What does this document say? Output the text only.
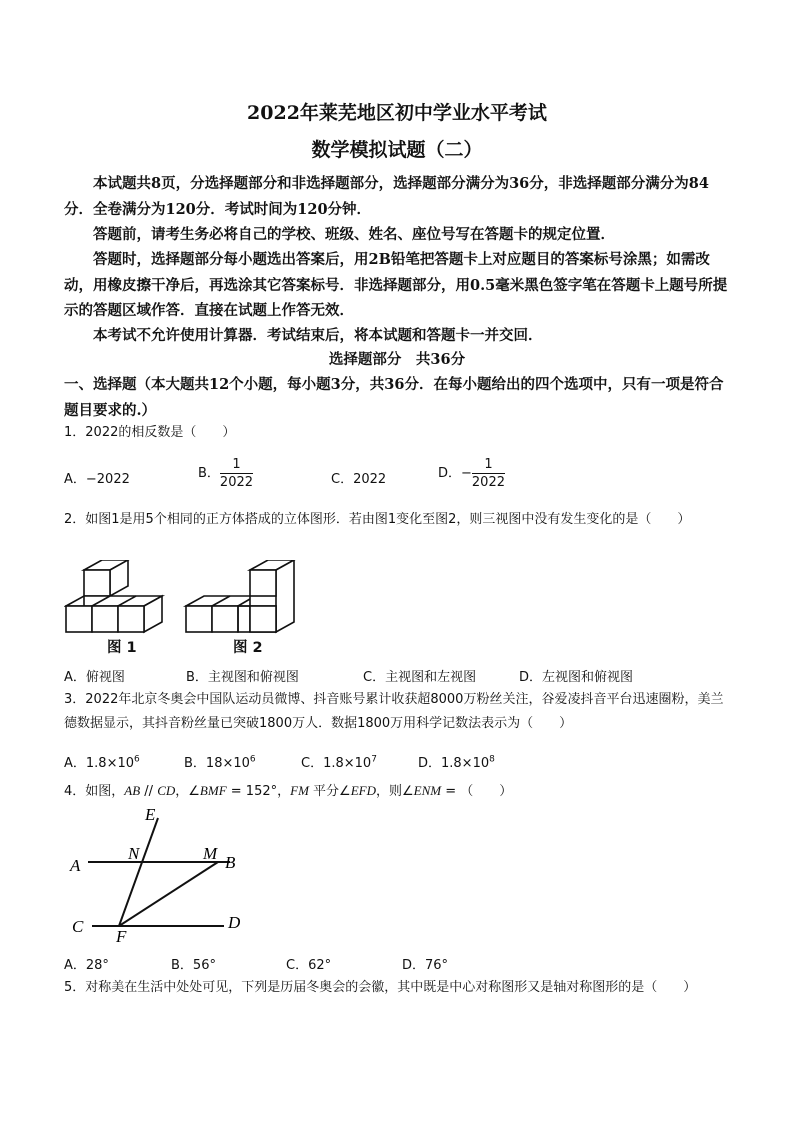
2022年莱芜地区初中学业水平考试
数学模拟试题（二）
本试题共8页，分选择题部分和非选择题部分，选择题部分满分为36分，非选择题部分满分为84分．全卷满分为120分．考试时间为120分钟．
答题前，请考生务必将自己的学校、班级、姓名、座位号写在答题卡的规定位置．
答题时，选择题部分每小题选出答案后，用2B铅笔把答题卡上对应题目的答案标号涂黑；如需改动，用橡皮擦干净后，再选涂其它答案标号．非选择题部分，用0.5毫米黑色签字笔在答题卡上题号所提示的答题区域作答．直接在试题上作答无效．
本考试不允许使用计算器．考试结束后，将本试题和答题卡一并交回．
选择题部分　共36分
一、选择题（本大题共12个小题，每小题3分，共36分．在每小题给出的四个选项中，只有一项是符合题目要求的.）
1．2022的相反数是（　　）
A．−2022	B． $\frac{1}{2022}$	C．2022	D．− $\frac{1}{2022}$
2．如图1是用5个相同的正方体搭成的立体图形．若由图1变化至图2，则三视图中没有发生变化的是（　　）
图 1	图 2
A．俯视图	B．主视图和俯视图	C．主视图和左视图	D．左视图和俯视图
3．2022年北京冬奥会中国队运动员微博、抖音账号累计收获超8000万粉丝关注，谷爱凌抖音平台迅速圈粉，美兰德数据显示，其抖音粉丝量已突破1800万人．数据1800万用科学记数法表示为（　　）
A．$1.8\times 10^6$	B．$18\times 10^6$	C．$1.8\times 10^7$	D．$1.8\times 10^8$
4．如图，AB // CD，∠BMF = 152°，FM 平分∠EFD，则∠ENM = （　　）
E
N	M
A	B
C
F
D
A．28°	B．56°	C．62°	D．76°
5．对称美在生活中处处可见，下列是历届冬奥会的会徽，其中既是中心对称图形又是轴对称图形的是（　　）
